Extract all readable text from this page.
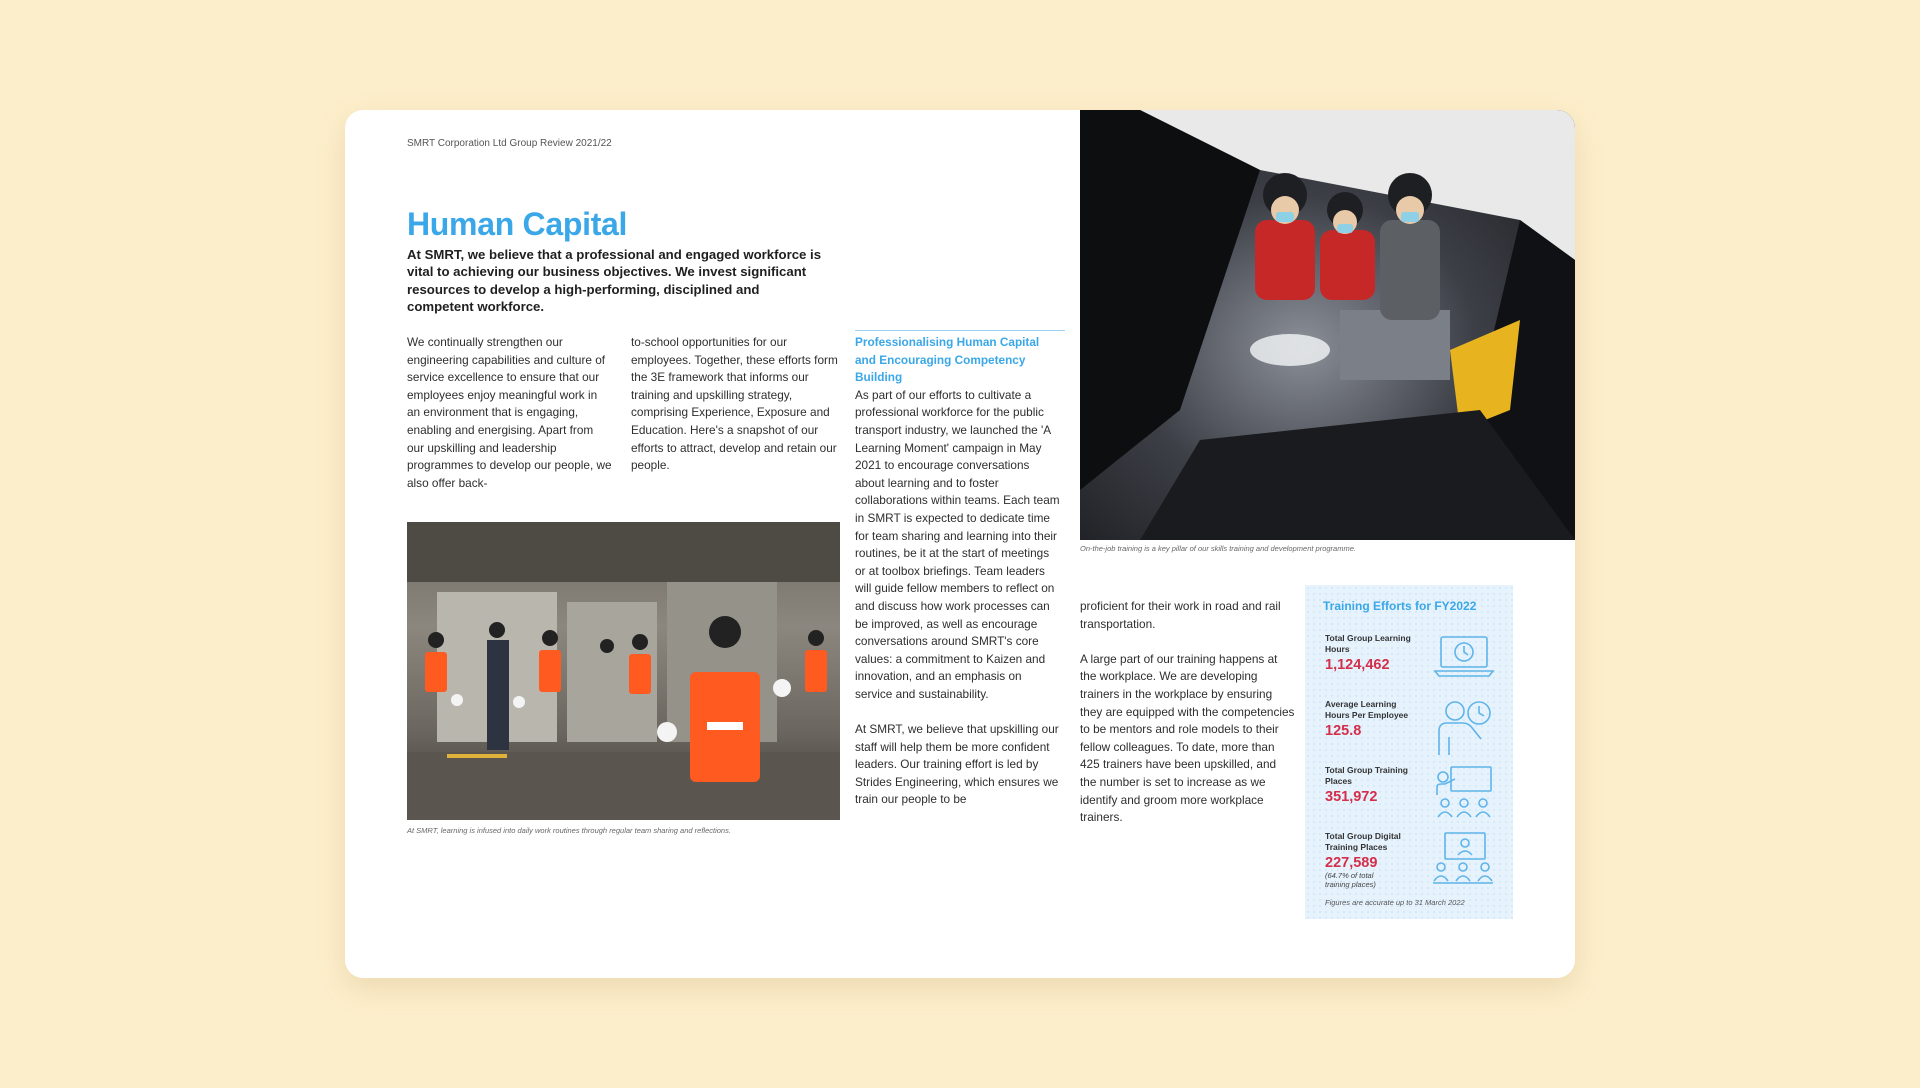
SMRT Corporation Ltd Group Review 2021/22
Human Capital
At SMRT, we believe that a professional and engaged workforce is vital to achieving our business objectives. We invest significant resources to develop a high-performing, disciplined and competent workforce.

We continually strengthen our engineering capabilities and culture of service excellence to ensure that our employees enjoy meaningful work in an environment that is engaging, enabling and energising. Apart from our upskilling and leadership programmes to develop our people, we also offer back-

to-school opportunities for our employees. Together, these efforts form the 3E framework that informs our training and upskilling strategy, comprising Experience, Exposure and Education. Here's a snapshot of our efforts to attract, develop and retain our people.

Professionalising Human Capital and Encouraging Competency Building

As part of our efforts to cultivate a professional workforce for the public transport industry, we launched the 'A Learning Moment' campaign in May 2021 to encourage conversations about learning and to foster collaborations within teams. Each team in SMRT is expected to dedicate time for team sharing and learning into their routines, be it at the start of meetings or at toolbox briefings. Team leaders will guide fellow members to reflect on and discuss how work processes can be improved, as well as encourage conversations around SMRT's core values: a commitment to Kaizen and innovation, and an emphasis on service and sustainability.

At SMRT, we believe that upskilling our staff will help them be more confident leaders. Our training effort is led by Strides Engineering, which ensures we train our people to be

proficient for their work in road and rail transportation.

A large part of our training happens at the workplace. We are developing trainers in the workplace by ensuring they are equipped with the competencies to be mentors and role models to their fellow colleagues. To date, more than 425 trainers have been upskilled, and the number is set to increase as we identify and groom more workplace trainers.

At SMRT, learning is infused into daily work routines through regular team sharing and reflections.
On-the-job training is a key pillar of our skills training and development programme.
Training Efforts for FY2022
Total Group Learning Hours
1,124,462
Average Learning Hours Per Employee
125.8
Total Group Training Places
351,972
Total Group Digital Training Places
227,589
(64.7% of total training places)
Figures are accurate up to 31 March 2022
